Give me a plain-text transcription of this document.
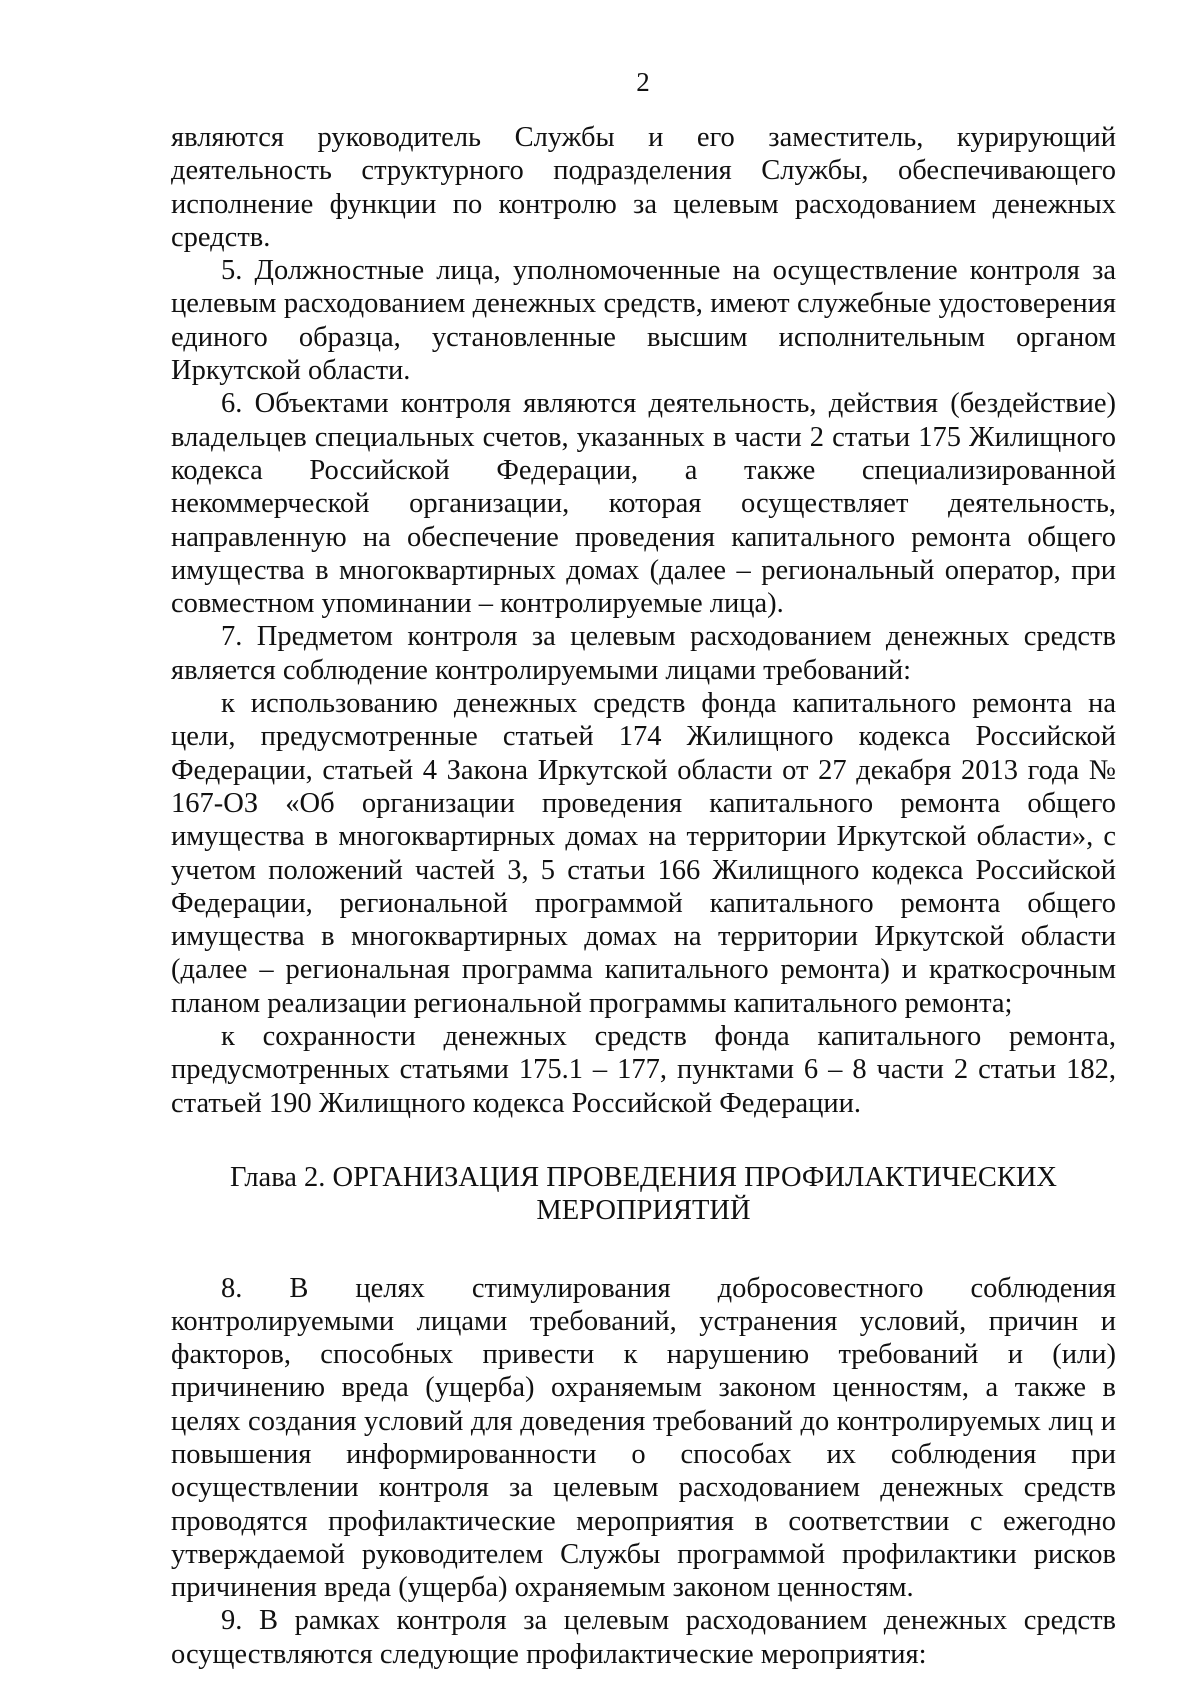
2

являются руководитель Службы и его заместитель, курирующий деятельность структурного подразделения Службы, обеспечивающего исполнение функции по контролю за целевым расходованием денежных средств.

5. Должностные лица, уполномоченные на осуществление контроля за целевым расходованием денежных средств, имеют служебные удостоверения единого образца, установленные высшим исполнительным органом Иркутской области.

6. Объектами контроля являются деятельность, действия (бездействие) владельцев специальных счетов, указанных в части 2 статьи 175 Жилищного кодекса Российской Федерации, а также специализированной некоммерческой организации, которая осуществляет деятельность, направленную на обеспечение проведения капитального ремонта общего имущества в многоквартирных домах (далее – региональный оператор, при совместном упоминании – контролируемые лица).

7. Предметом контроля за целевым расходованием денежных средств является соблюдение контролируемыми лицами требований:

к использованию денежных средств фонда капитального ремонта на цели, предусмотренные статьей 174 Жилищного кодекса Российской Федерации, статьей 4 Закона Иркутской области от 27 декабря 2013 года № 167-ОЗ «Об организации проведения капитального ремонта общего имущества в многоквартирных домах на территории Иркутской области», с учетом положений частей 3, 5 статьи 166 Жилищного кодекса Российской Федерации, региональной программой капитального ремонта общего имущества в многоквартирных домах на территории Иркутской области (далее – региональная программа капитального ремонта) и краткосрочным планом реализации региональной программы капитального ремонта;

к сохранности денежных средств фонда капитального ремонта, предусмотренных статьями 175.1 – 177, пунктами 6 – 8 части 2 статьи 182, статьей 190 Жилищного кодекса Российской Федерации.

Глава 2. ОРГАНИЗАЦИЯ ПРОВЕДЕНИЯ ПРОФИЛАКТИЧЕСКИХ
МЕРОПРИЯТИЙ

8. В целях стимулирования добросовестного соблюдения контролируемыми лицами требований, устранения условий, причин и факторов, способных привести к нарушению требований и (или) причинению вреда (ущерба) охраняемым законом ценностям, а также в целях создания условий для доведения требований до контролируемых лиц и повышения информированности о способах их соблюдения при осуществлении контроля за целевым расходованием денежных средств проводятся профилактические мероприятия в соответствии с ежегодно утверждаемой руководителем Службы программой профилактики рисков причинения вреда (ущерба) охраняемым законом ценностям.

9. В рамках контроля за целевым расходованием денежных средств осуществляются следующие профилактические мероприятия:
